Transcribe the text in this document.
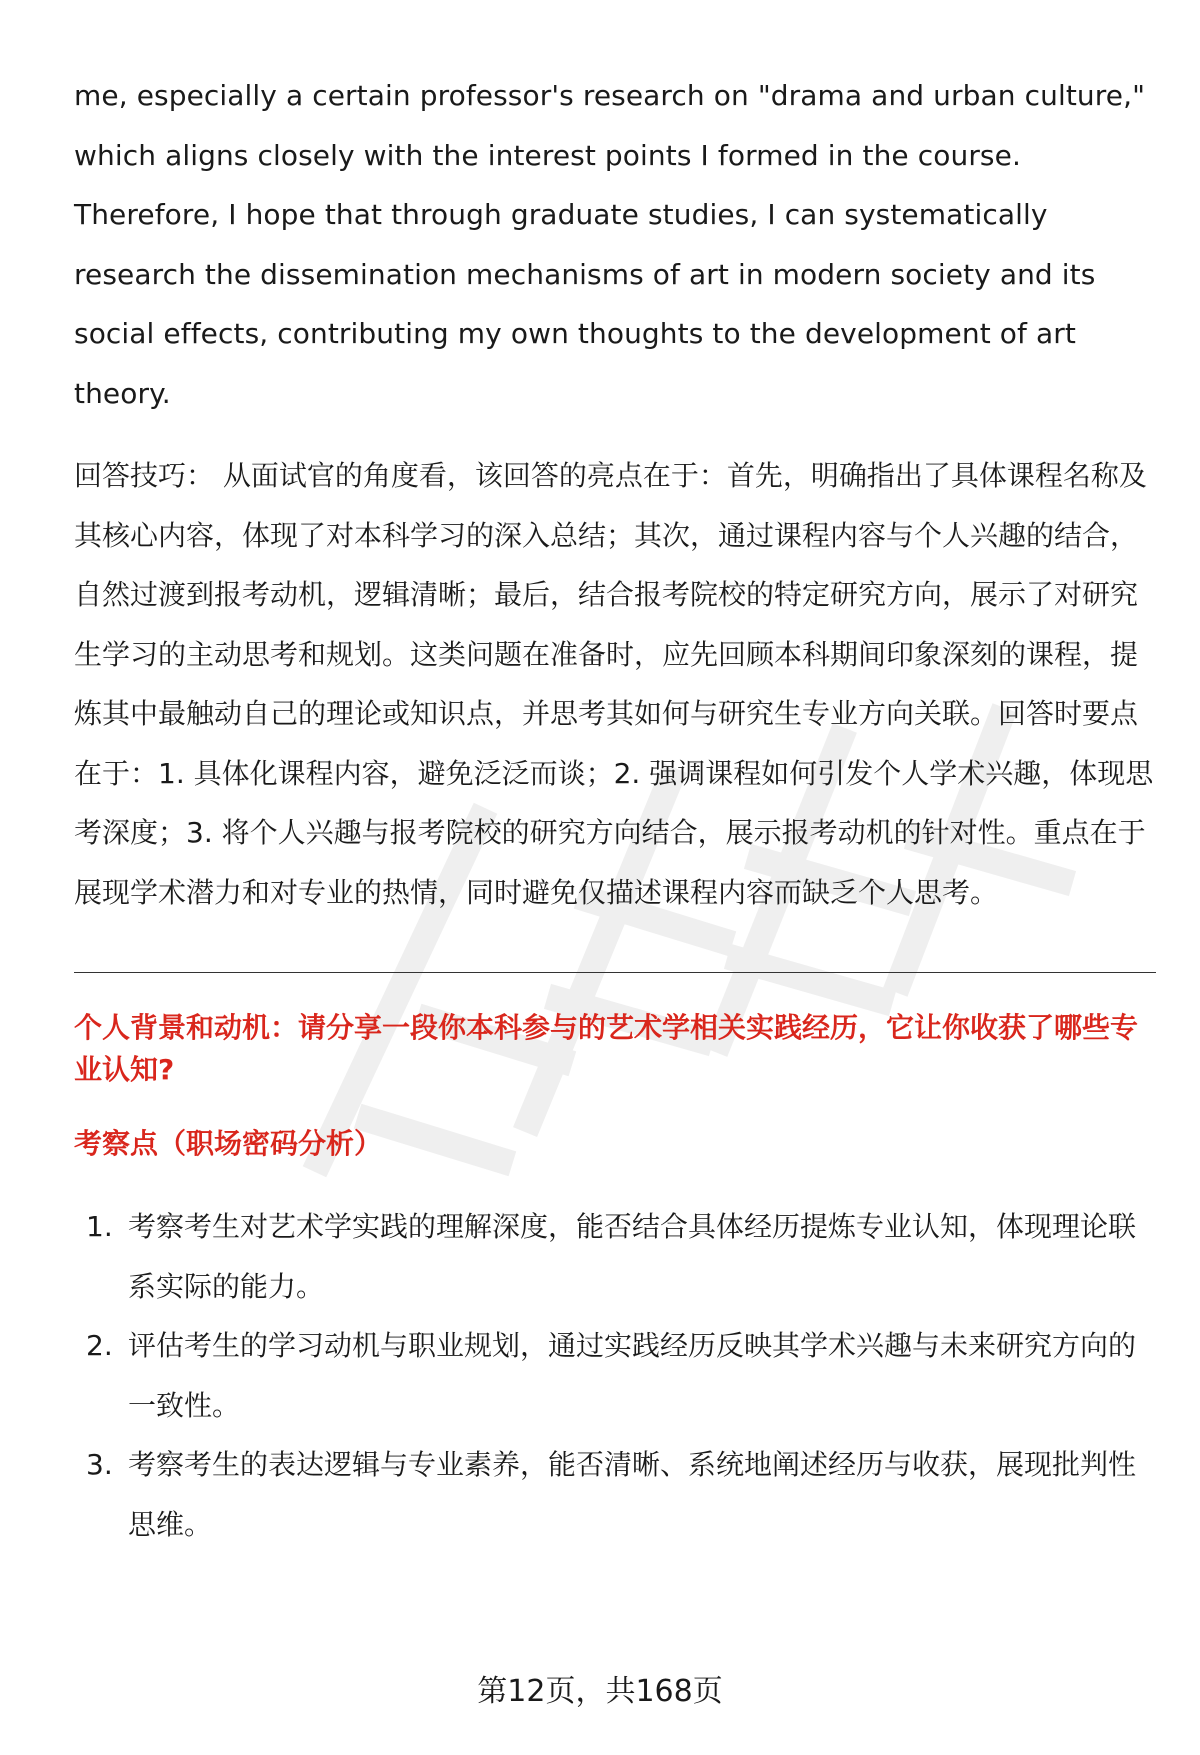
me, especially a certain professor's research on "drama and urban culture," which aligns closely with the interest points I formed in the course. Therefore, I hope that through graduate studies, I can systematically research the dissemination mechanisms of art in modern society and its social effects, contributing my own thoughts to the development of art theory.

回答技巧： 从面试官的角度看，该回答的亮点在于：首先，明确指出了具体课程名称及其核心内容，体现了对本科学习的深入总结；其次，通过课程内容与个人兴趣的结合，自然过渡到报考动机，逻辑清晰；最后，结合报考院校的特定研究方向，展示了对研究生学习的主动思考和规划。这类问题在准备时，应先回顾本科期间印象深刻的课程，提炼其中最触动自己的理论或知识点，并思考其如何与研究生专业方向关联。回答时要点在于：1. 具体化课程内容，避免泛泛而谈；2. 强调课程如何引发个人学术兴趣，体现思考深度；3. 将个人兴趣与报考院校的研究方向结合，展示报考动机的针对性。重点在于展现学术潜力和对专业的热情，同时避免仅描述课程内容而缺乏个人思考。

个人背景和动机：请分享一段你本科参与的艺术学相关实践经历，它让你收获了哪些专业认知?
考察点（职场密码分析）
1. 考察考生对艺术学实践的理解深度，能否结合具体经历提炼专业认知，体现理论联系实际的能力。
2. 评估考生的学习动机与职业规划，通过实践经历反映其学术兴趣与未来研究方向的一致性。
3. 考察考生的表达逻辑与专业素养，能否清晰、系统地阐述经历与收获，展现批判性思维。
第12页，共168页
